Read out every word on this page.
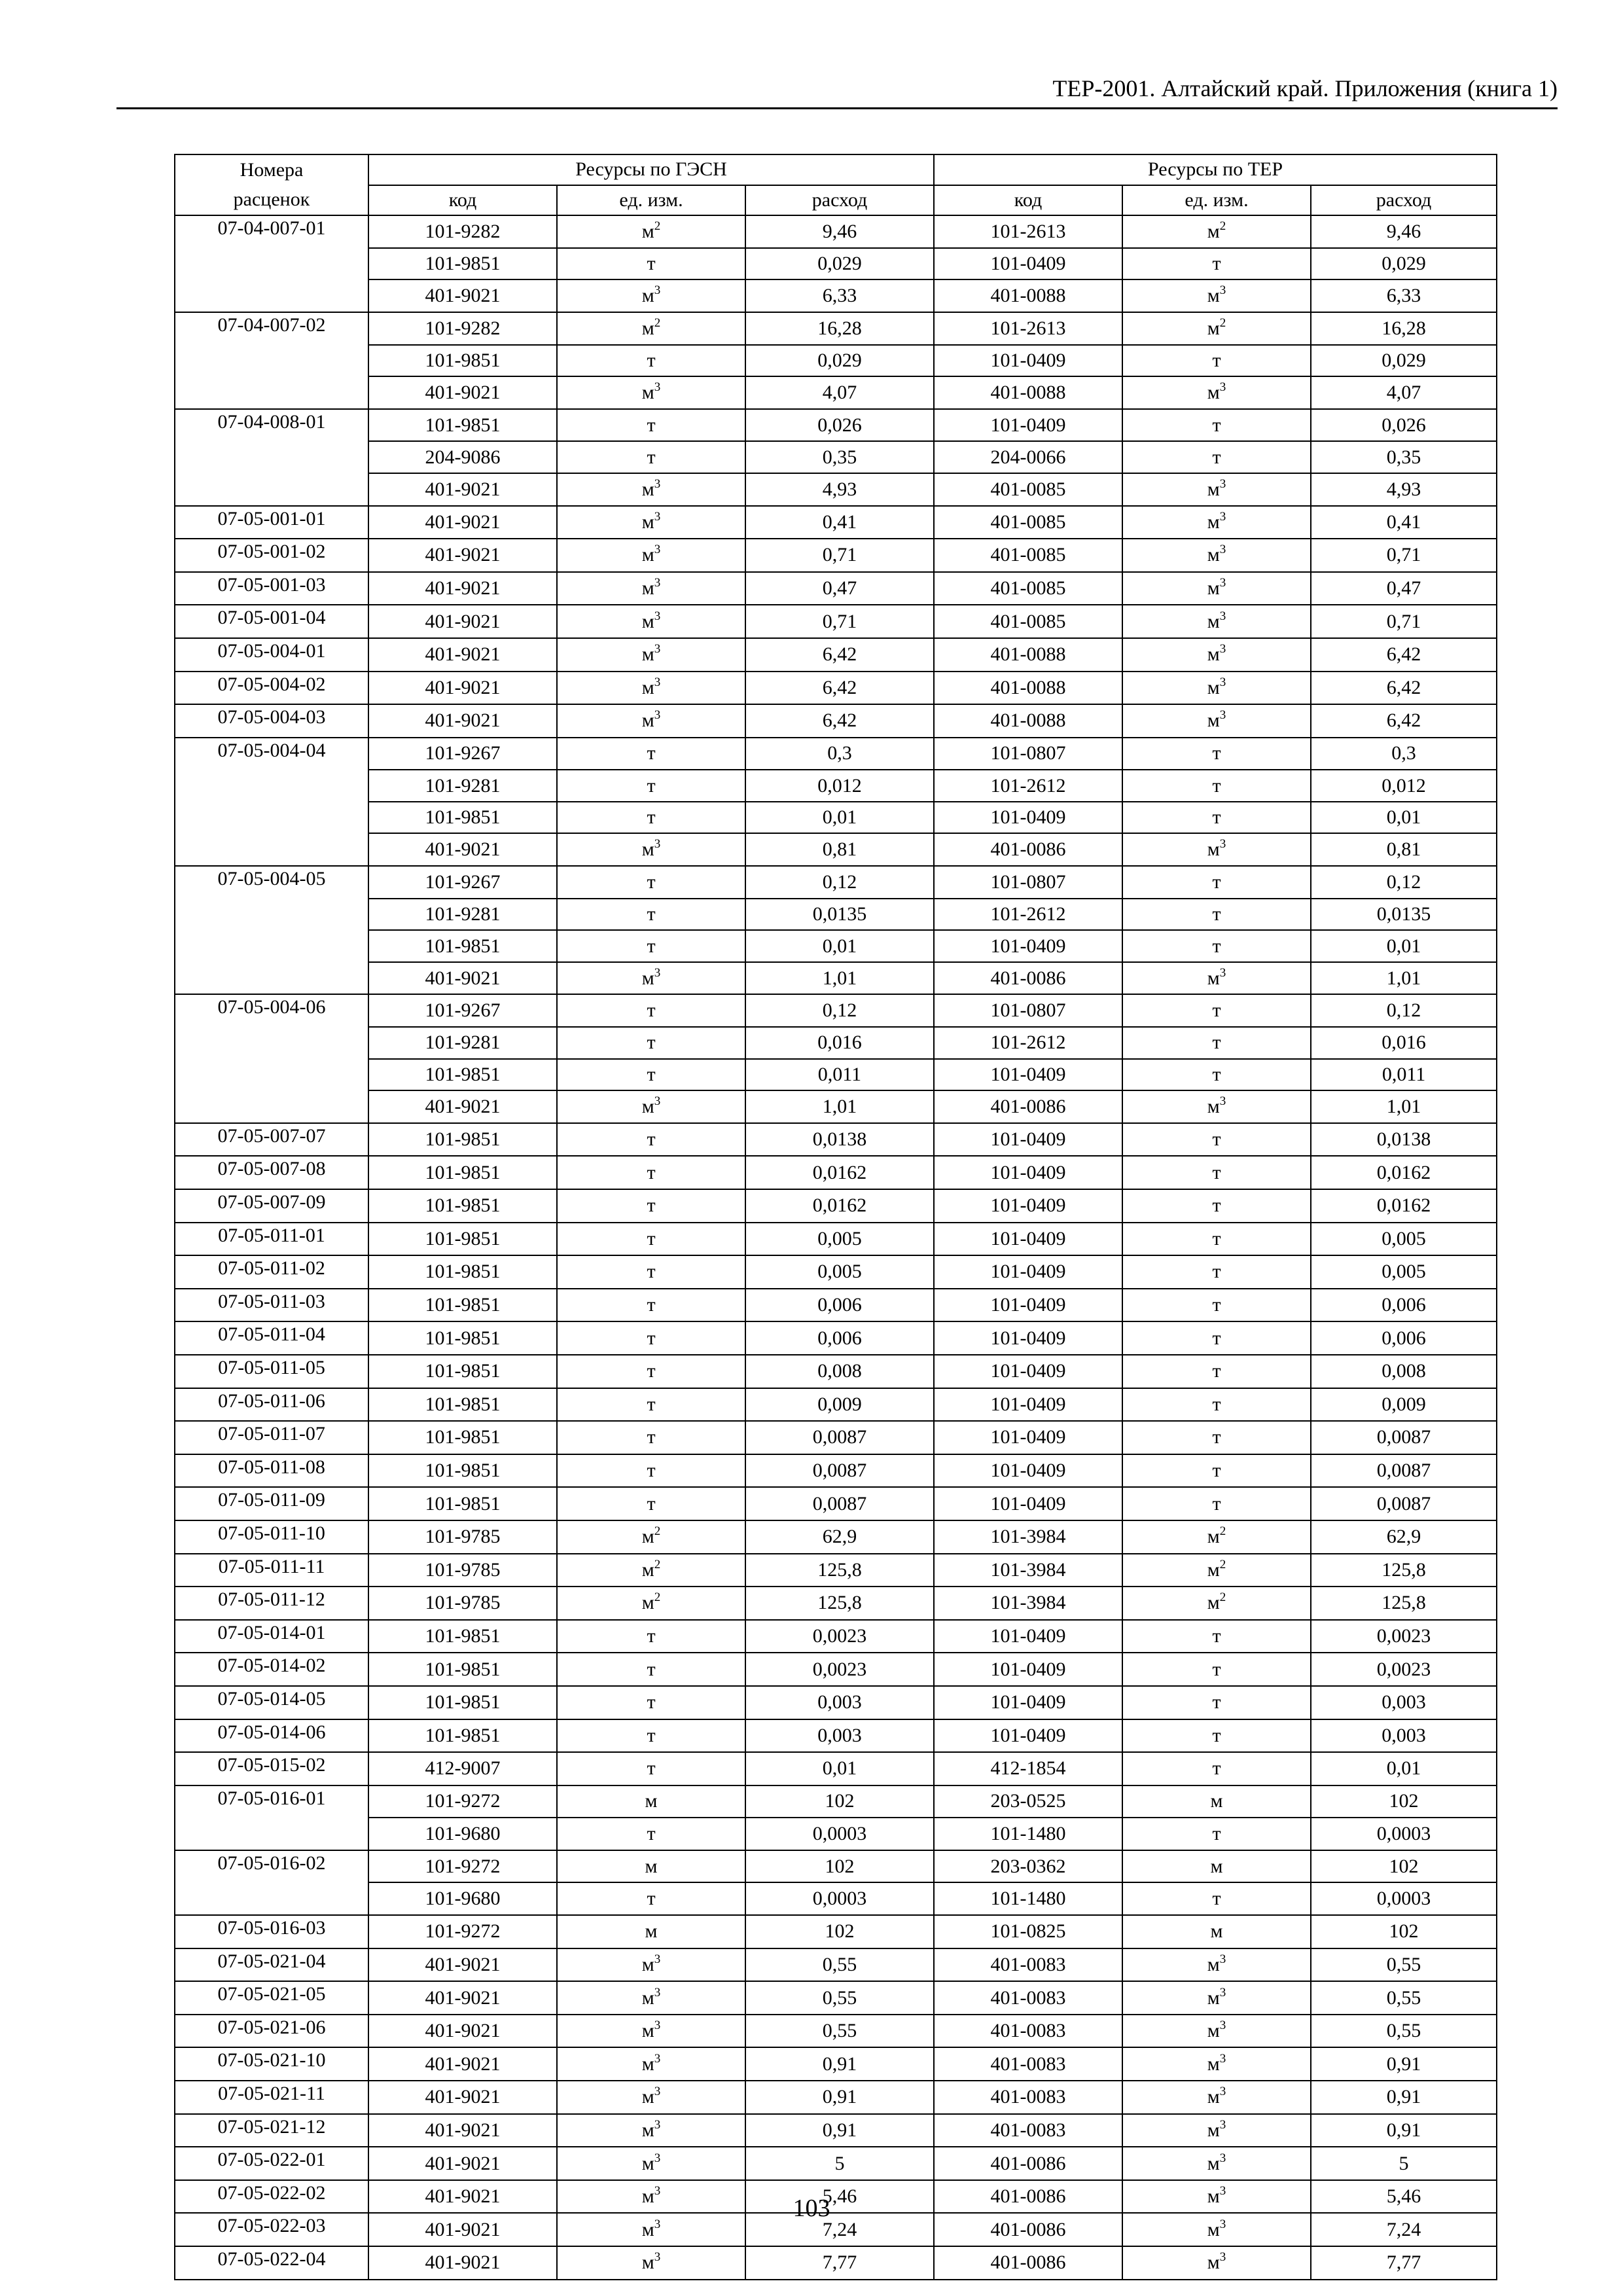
ТЕР-2001. Алтайский край. Приложения (книга 1)
Номера	Ресурсы по ГЭСН			Ресурсы по ТЕР		
расценок	код	ед. изм.	расход	код	ед. изм.	расход
07-04-007-01	101-9282	$м^2$	9,46	101-2613	$м^2$	9,46
	101-9851	т	0,029	101-0409	т	0,029
	401-9021	$м^3$	6,33	401-0088	$м^3$	6,33
07-04-007-02	101-9282	$м^2$	16,28	101-2613	$м^2$	16,28
	101-9851	т	0,029	101-0409	т	0,029
	401-9021	$м^3$	4,07	401-0088	$м^3$	4,07
07-04-008-01	101-9851	т	0,026	101-0409	т	0,026
	204-9086	т	0,35	204-0066	т	0,35
	401-9021	$м^3$	4,93	401-0085	$м^3$	4,93
07-05-001-01	401-9021	$м^3$	0,41	401-0085	$м^3$	0,41
07-05-001-02	401-9021	$м^3$	0,71	401-0085	$м^3$	0,71
07-05-001-03	401-9021	$м^3$	0,47	401-0085	$м^3$	0,47
07-05-001-04	401-9021	$м^3$	0,71	401-0085	$м^3$	0,71
07-05-004-01	401-9021	$м^3$	6,42	401-0088	$м^3$	6,42
07-05-004-02	401-9021	$м^3$	6,42	401-0088	$м^3$	6,42
07-05-004-03	401-9021	$м^3$	6,42	401-0088	$м^3$	6,42
07-05-004-04	101-9267	т	0,3	101-0807	т	0,3
	101-9281	т	0,012	101-2612	т	0,012
	101-9851	т	0,01	101-0409	т	0,01
	401-9021	$м^3$	0,81	401-0086	$м^3$	0,81
07-05-004-05	101-9267	т	0,12	101-0807	т	0,12
	101-9281	т	0,0135	101-2612	т	0,0135
	101-9851	т	0,01	101-0409	т	0,01
	401-9021	$м^3$	1,01	401-0086	$м^3$	1,01
07-05-004-06	101-9267	т	0,12	101-0807	т	0,12
	101-9281	т	0,016	101-2612	т	0,016
	101-9851	т	0,011	101-0409	т	0,011
	401-9021	$м^3$	1,01	401-0086	$м^3$	1,01
07-05-007-07	101-9851	т	0,0138	101-0409	т	0,0138
07-05-007-08	101-9851	т	0,0162	101-0409	т	0,0162
07-05-007-09	101-9851	т	0,0162	101-0409	т	0,0162
07-05-011-01	101-9851	т	0,005	101-0409	т	0,005
07-05-011-02	101-9851	т	0,005	101-0409	т	0,005
07-05-011-03	101-9851	т	0,006	101-0409	т	0,006
07-05-011-04	101-9851	т	0,006	101-0409	т	0,006
07-05-011-05	101-9851	т	0,008	101-0409	т	0,008
07-05-011-06	101-9851	т	0,009	101-0409	т	0,009
07-05-011-07	101-9851	т	0,0087	101-0409	т	0,0087
07-05-011-08	101-9851	т	0,0087	101-0409	т	0,0087
07-05-011-09	101-9851	т	0,0087	101-0409	т	0,0087
07-05-011-10	101-9785	$м^2$	62,9	101-3984	$м^2$	62,9
07-05-011-11	101-9785	$м^2$	125,8	101-3984	$м^2$	125,8
07-05-011-12	101-9785	$м^2$	125,8	101-3984	$м^2$	125,8
07-05-014-01	101-9851	т	0,0023	101-0409	т	0,0023
07-05-014-02	101-9851	т	0,0023	101-0409	т	0,0023
07-05-014-05	101-9851	т	0,003	101-0409	т	0,003
07-05-014-06	101-9851	т	0,003	101-0409	т	0,003
07-05-015-02	412-9007	т	0,01	412-1854	т	0,01
07-05-016-01	101-9272	м	102	203-0525	м	102
	101-9680	т	0,0003	101-1480	т	0,0003
07-05-016-02	101-9272	м	102	203-0362	м	102
	101-9680	т	0,0003	101-1480	т	0,0003
07-05-016-03	101-9272	м	102	101-0825	м	102
07-05-021-04	401-9021	$м^3$	0,55	401-0083	$м^3$	0,55
07-05-021-05	401-9021	$м^3$	0,55	401-0083	$м^3$	0,55
07-05-021-06	401-9021	$м^3$	0,55	401-0083	$м^3$	0,55
07-05-021-10	401-9021	$м^3$	0,91	401-0083	$м^3$	0,91
07-05-021-11	401-9021	$м^3$	0,91	401-0083	$м^3$	0,91
07-05-021-12	401-9021	$м^3$	0,91	401-0083	$м^3$	0,91
07-05-022-01	401-9021	$м^3$	5	401-0086	$м^3$	5
07-05-022-02	401-9021	$м^3$	5,46	401-0086	$м^3$	5,46
07-05-022-03	401-9021	$м^3$	7,24	401-0086	$м^3$	7,24
07-05-022-04	401-9021	$м^3$	7,77	401-0086	$м^3$	7,77
103
